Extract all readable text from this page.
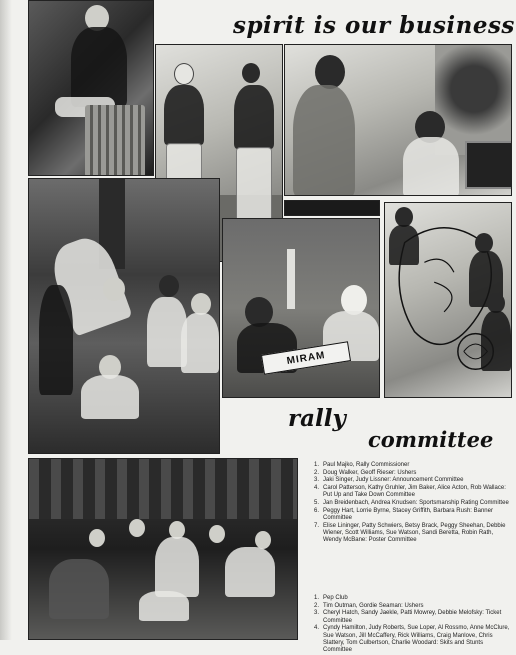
MIRAM
spirit is our business
rally
committee
1. Paul Majko, Rally Commissioner
2. Doug Walker, Geoff Rieser: Ushers
3. Jaki Singer, Judy Lissner: Announcement Committee
4. Carol Patterson, Kathy Gruhler, Jim Baker, Alice Acton, Rob Wallace: Put Up and Take Down Committee
5. Jan Breidenbach, Andrea Knudsen: Sportsmanship Rating Committee
6. Peggy Hart, Lorrie Byrne, Stacey Griffith, Barbara Rush: Banner Committee
7. Elise Lininger, Patty Schwiers, Betsy Brack, Peggy Sheehan, Debbie Wiener, Scott Williams, Sue Watson, Sandi Beretta, Robin Rath, Wendy McBane: Poster Committee
1. Pep Club
2. Tim Outman, Gordie Seaman: Ushers
3. Cheryl Hatch, Sandy Jaekle, Patti Mowrey, Debbie Melofsky: Ticket Committee
4. Cyndy Hamilton, Judy Roberts, Sue Loper, Al Rossmo, Anne McClure, Sue Watson, Jill McCaffery, Rick Williams, Craig Manlove, Chris Slattery, Tom Culbertson, Charlie Woodard: Skits and Stunts Committee
